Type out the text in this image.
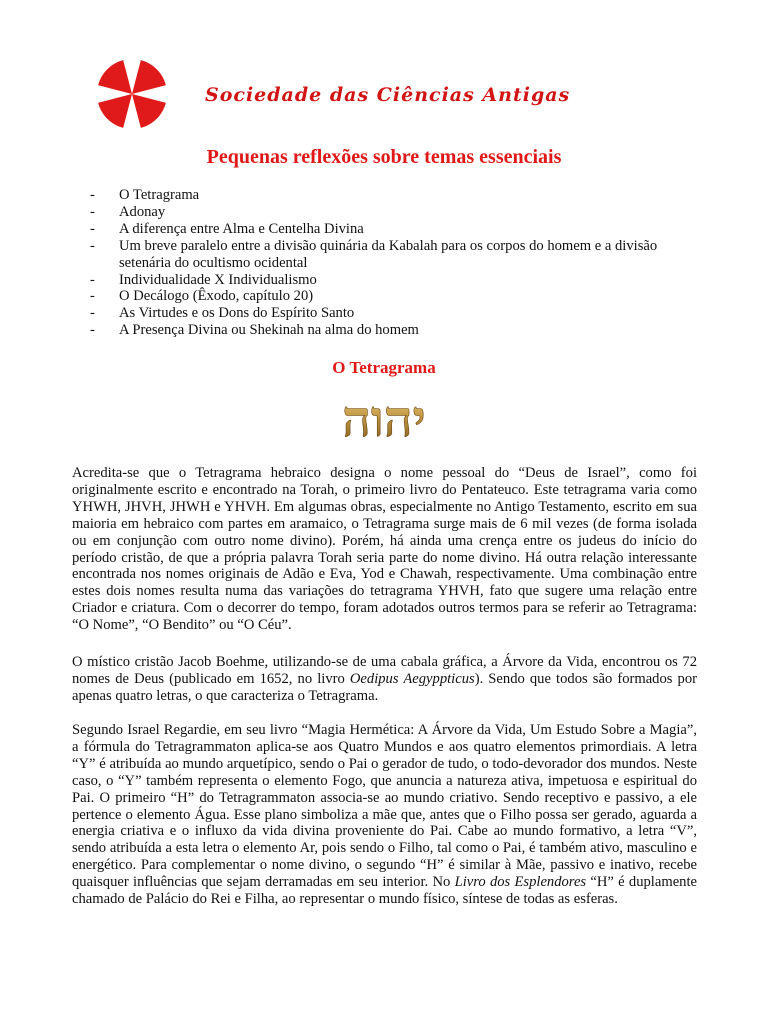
Sociedade das Ciências Antigas
Pequenas reflexões sobre temas essenciais
- O Tetragrama
- Adonay
- A diferença entre Alma e Centelha Divina
- Um breve paralelo entre a divisão quinária da Kabalah para os corpos do homem e a divisão setenária do ocultismo ocidental
- Individualidade X Individualismo
- O Decálogo (Êxodo, capítulo 20)
- As Virtudes e os Dons do Espírito Santo
- A Presença Divina ou Shekinah na alma do homem
O Tetragrama
יהוה

Acredita-se que o Tetragrama hebraico designa o nome pessoal do “Deus de Israel”, como foi originalmente escrito e encontrado na Torah, o primeiro livro do Pentateuco. Este tetragrama varia como YHWH, JHVH, JHWH e YHVH. Em algumas obras, especialmente no Antigo Testamento, escrito em sua maioria em hebraico com partes em aramaico, o Tetragrama surge mais de 6 mil vezes (de forma isolada ou em conjunção com outro nome divino). Porém, há ainda uma crença entre os judeus do início do período cristão, de que a própria palavra Torah seria parte do nome divino. Há outra relação interessante encontrada nos nomes originais de Adão e Eva, Yod e Chawah, respectivamente. Uma combinação entre estes dois nomes resulta numa das variações do tetragrama YHVH, fato que sugere uma relação entre Criador e criatura. Com o decorrer do tempo, foram adotados outros termos para se referir ao Tetragrama: “O Nome”, “O Bendito” ou “O Céu”.

O místico cristão Jacob Boehme, utilizando-se de uma cabala gráfica, a Árvore da Vida, encontrou os 72 nomes de Deus (publicado em 1652, no livro Oedipus Aegyppticus). Sendo que todos são formados por apenas quatro letras, o que caracteriza o Tetragrama.

Segundo Israel Regardie, em seu livro “Magia Hermética: A Árvore da Vida, Um Estudo Sobre a Magia”, a fórmula do Tetragrammaton aplica-se aos Quatro Mundos e aos quatro elementos primordiais. A letra “Y” é atribuída ao mundo arquetípico, sendo o Pai o gerador de tudo, o todo-devorador dos mundos. Neste caso, o “Y” também representa o elemento Fogo, que anuncia a natureza ativa, impetuosa e espiritual do Pai. O primeiro “H” do Tetragrammaton associa-se ao mundo criativo. Sendo receptivo e passivo, a ele pertence o elemento Água. Esse plano simboliza a mãe que, antes que o Filho possa ser gerado, aguarda a energia criativa e o influxo da vida divina proveniente do Pai. Cabe ao mundo formativo, a letra “V”, sendo atribuída a esta letra o elemento Ar, pois sendo o Filho, tal como o Pai, é também ativo, masculino e energético. Para complementar o nome divino, o segundo “H” é similar à Mãe, passivo e inativo, recebe quaisquer influências que sejam derramadas em seu interior. No Livro dos Esplendores “H” é duplamente chamado de Palácio do Rei e Filha, ao representar o mundo físico, síntese de todas as esferas.
